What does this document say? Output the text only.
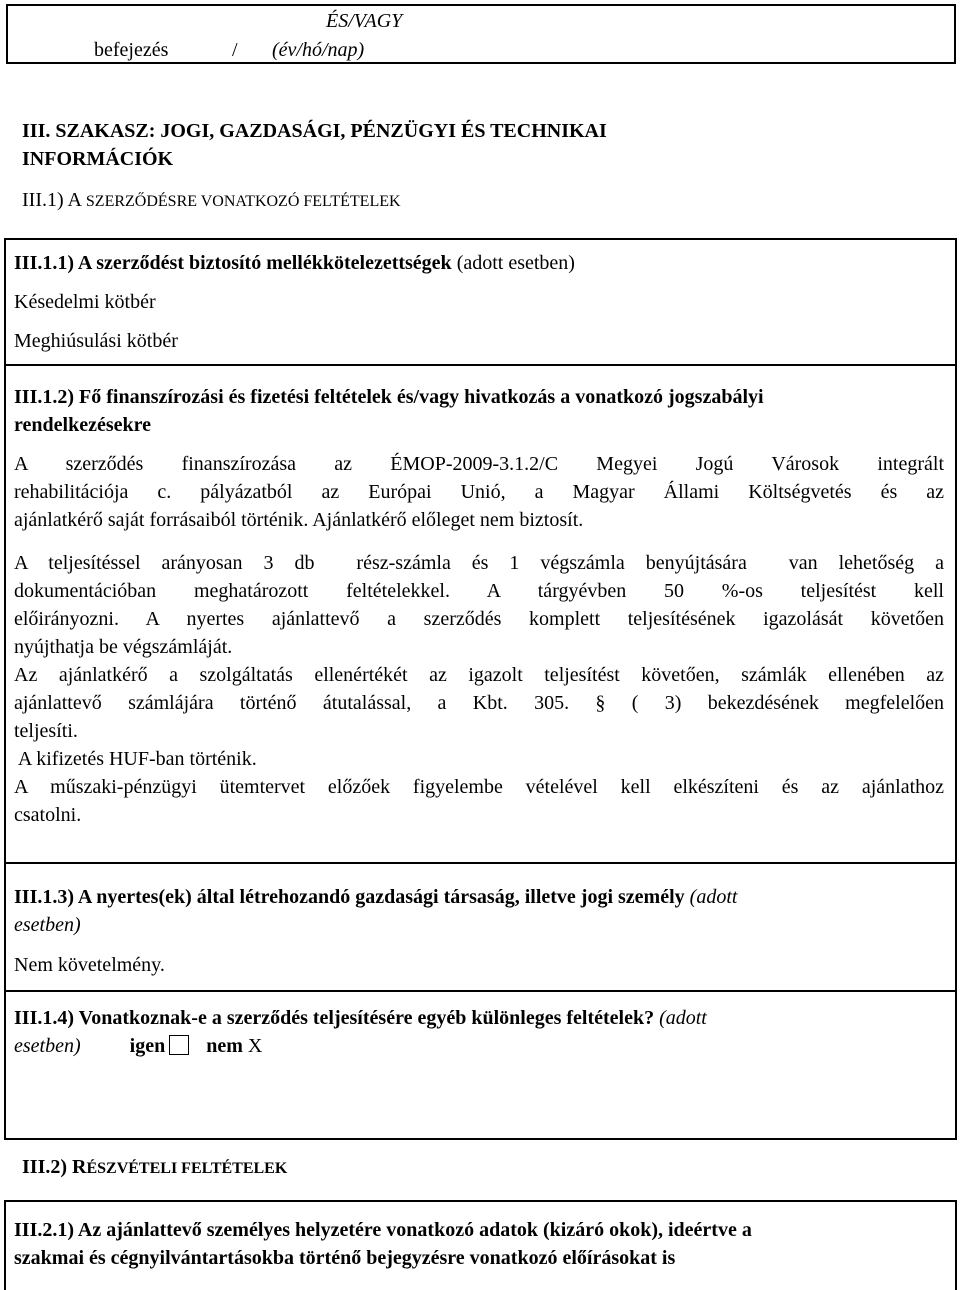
ÉS/VAGY

befejezés	/ (év/hó/nap)

III. SZAKASZ: JOGI, GAZDASÁGI, PÉNZÜGYI ÉS TECHNIKAI

INFORMÁCIÓK

III.1) A SZERZŐDÉSRE VONATKOZÓ FELTÉTELEK

III.1.1) A szerződést biztosító mellékkötelezettségek (adott esetben)

Késedelmi kötbér

Meghiúsulási kötbér

III.1.2) Fő finanszírozási és fizetési feltételek és/vagy hivatkozás a vonatkozó jogszabályi

rendelkezésekre

A szerződés finanszírozása az ÉMOP-2009-3.1.2/C Megyei Jogú Városok integrált

rehabilitációja c. pályázatból az Európai Unió, a Magyar Állami Költségvetés és az

ajánlatkérő saját forrásaiból történik. Ajánlatkérő előleget nem biztosít.

A teljesítéssel arányosan 3 db  rész-számla és 1 végszámla benyújtására  van lehetőség a

dokumentációban meghatározott feltételekkel. A tárgyévben 50 %-os teljesítést kell

előirányozni. A nyertes ajánlattevő a szerződés komplett teljesítésének igazolását követően

nyújthatja be végszámláját.

Az ajánlatkérő a szolgáltatás ellenértékét az igazolt teljesítést követően, számlák ellenében az

ajánlattevő számlájára történő átutalással, a Kbt. 305. § ( 3) bekezdésének megfelelően

teljesíti.

A kifizetés HUF-ban történik.

A műszaki-pénzügyi ütemtervet előzőek figyelembe vételével kell elkészíteni és az ajánlathoz

csatolni.

III.1.3) A nyertes(ek) által létrehozandó gazdasági társaság, illetve jogi személy (adott

esetben)

Nem követelmény.

III.1.4) Vonatkoznak-e a szerződés teljesítésére egyéb különleges feltételek? (adott

esetben) igen nem X

III.2) RÉSZVÉTELI FELTÉTELEK

III.2.1) Az ajánlattevő személyes helyzetére vonatkozó adatok (kizáró okok), ideértve a

szakmai és cégnyilvántartásokba történő bejegyzésre vonatkozó előírásokat is
